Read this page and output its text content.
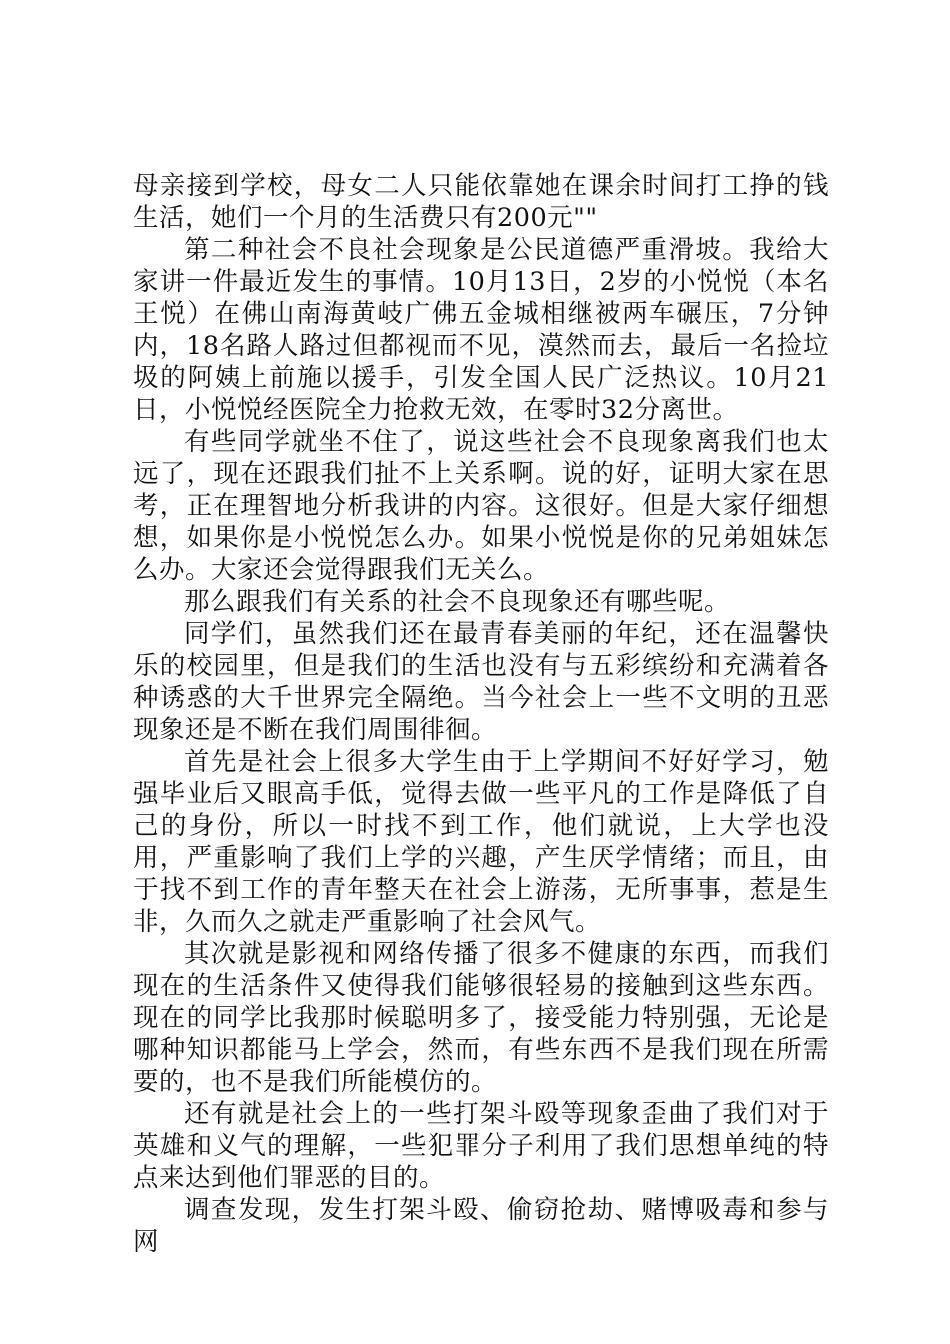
母亲接到学校，母女二人只能依靠她在课余时间打工挣的钱生活，她们一个月的生活费只有200元""

第二种社会不良社会现象是公民道德严重滑坡。我给大家讲一件最近发生的事情。10月13日，2岁的小悦悦（本名王悦）在佛山南海黄岐广佛五金城相继被两车碾压，7分钟内，18名路人路过但都视而不见，漠然而去，最后一名捡垃圾的阿姨上前施以援手，引发全国人民广泛热议。10月21日，小悦悦经医院全力抢救无效，在零时32分离世。

有些同学就坐不住了，说这些社会不良现象离我们也太远了，现在还跟我们扯不上关系啊。说的好，证明大家在思考，正在理智地分析我讲的内容。这很好。但是大家仔细想想，如果你是小悦悦怎么办。如果小悦悦是你的兄弟姐妹怎么办。大家还会觉得跟我们无关么。

那么跟我们有关系的社会不良现象还有哪些呢。

同学们，虽然我们还在最青春美丽的年纪，还在温馨快乐的校园里，但是我们的生活也没有与五彩缤纷和充满着各种诱惑的大千世界完全隔绝。当今社会上一些不文明的丑恶现象还是不断在我们周围徘徊。

首先是社会上很多大学生由于上学期间不好好学习，勉强毕业后又眼高手低，觉得去做一些平凡的工作是降低了自己的身份，所以一时找不到工作，他们就说，上大学也没用，严重影响了我们上学的兴趣，产生厌学情绪；而且，由于找不到工作的青年整天在社会上游荡，无所事事，惹是生非，久而久之就走严重影响了社会风气。

其次就是影视和网络传播了很多不健康的东西，而我们现在的生活条件又使得我们能够很轻易的接触到这些东西。现在的同学比我那时候聪明多了，接受能力特别强，无论是哪种知识都能马上学会，然而，有些东西不是我们现在所需要的，也不是我们所能模仿的。

还有就是社会上的一些打架斗殴等现象歪曲了我们对于英雄和义气的理解，一些犯罪分子利用了我们思想单纯的特点来达到他们罪恶的目的。

调查发现，发生打架斗殴、偷窃抢劫、赌博吸毒和参与网
